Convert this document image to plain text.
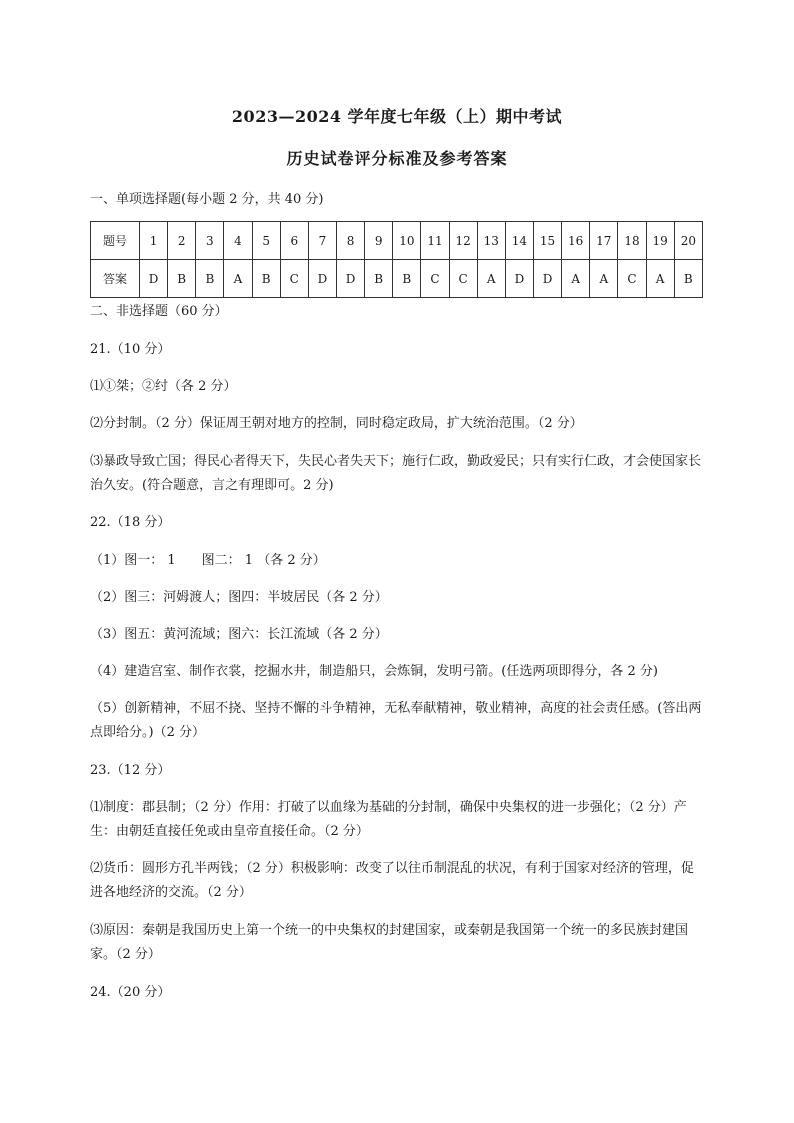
2023—2024 学年度七年级（上）期中考试
历史试卷评分标准及参考答案
一、单项选择题(每小题 2 分，共 40 分)
题号	1	2	3	4	5	6	7	8	9	10	11	12	13	14	15	16	17	18	19	20
答案	D	B	B	A	B	C	D	D	B	B	C	C	A	D	D	A	A	C	A	B
二、非选择题（60 分）
21.（10 分）
⑴①桀；②纣（各 2 分）
⑵分封制。（2 分）保证周王朝对地方的控制，同时稳定政局，扩大统治范围。（2 分）
⑶暴政导致亡国；得民心者得天下，失民心者失天下；施行仁政，勤政爱民；只有实行仁政，才会使国家长治久安。(符合题意，言之有理即可。2 分)
22.（18 分）
（1）图一： 1　　图二： 1 （各 2 分）
（2）图三：河姆渡人；图四：半坡居民（各 2 分）
（3）图五：黄河流域；图六：长江流域（各 2 分）
（4）建造宫室、制作衣裳，挖掘水井，制造船只，会炼铜，发明弓箭。(任选两项即得分，各 2 分)
（5）创新精神，不屈不挠、坚持不懈的斗争精神，无私奉献精神，敬业精神，高度的社会责任感。(答出两点即给分。)（2 分）
23.（12 分）
⑴制度：郡县制；（2 分）作用：打破了以血缘为基础的分封制，确保中央集权的进一步强化；（2 分）产生：由朝廷直接任免或由皇帝直接任命。（2 分）
⑵货币：圆形方孔半两钱；（2 分）积极影响：改变了以往币制混乱的状况，有利于国家对经济的管理，促进各地经济的交流。（2 分）
⑶原因：秦朝是我国历史上第一个统一的中央集权的封建国家，或秦朝是我国第一个统一的多民族封建国家。（2 分）
24.（20 分）
